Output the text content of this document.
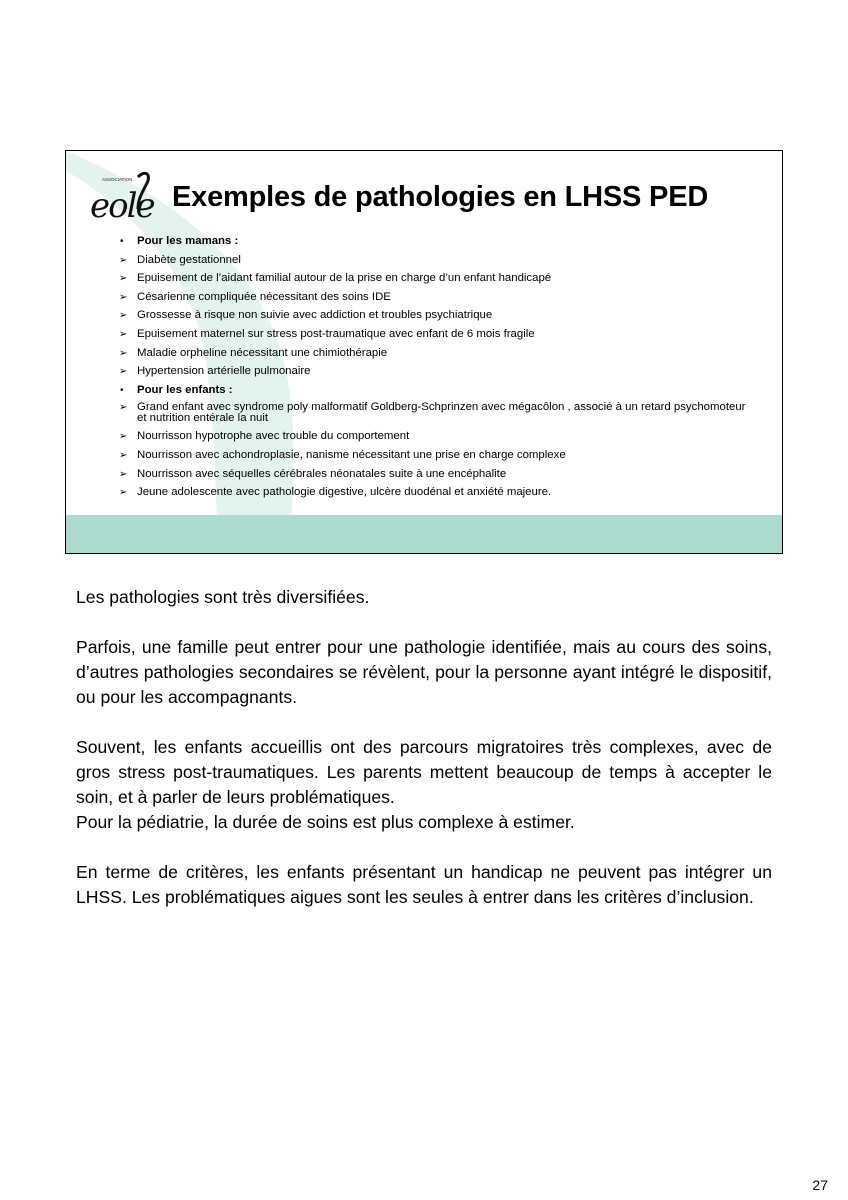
ASSOCIATION
eole Exemples de pathologies en LHSS PED
• Pour les mamans :
➢ Diabète gestationnel
➢ Epuisement de l’aidant familial autour de la prise en charge d’un enfant handicapé
➢ Césarienne compliquée nécessitant des soins IDE
➢ Grossesse à risque non suivie avec addiction et troubles psychiatrique
➢ Epuisement maternel sur stress post-traumatique avec enfant de 6 mois fragile
➢ Maladie orpheline nécessitant une chimiothérapie
➢ Hypertension artérielle pulmonaire
• Pour les enfants :
➢ Grand enfant avec syndrome poly malformatif Goldberg-Schprinzen avec mégacôlon , associé à un retard psychomoteur et nutrition entérale la nuit
➢ Nourrisson hypotrophe avec trouble du comportement
➢ Nourrisson avec achondroplasie, nanisme nécessitant une prise en charge complexe
➢ Nourrisson avec séquelles cérébrales néonatales suite à une encéphalite
➢ Jeune adolescente avec pathologie digestive, ulcère duodénal et anxiété majeure.

Les pathologies sont très diversifiées.

Parfois, une famille peut entrer pour une pathologie identifiée, mais au cours des soins, d’autres pathologies secondaires se révèlent, pour la personne ayant intégré le dispositif, ou pour les accompagnants.

Souvent, les enfants accueillis ont des parcours migratoires très complexes, avec de gros stress post-traumatiques. Les parents mettent beaucoup de temps à accepter le soin, et à parler de leurs problématiques.

Pour la pédiatrie, la durée de soins est plus complexe à estimer.

En terme de critères, les enfants présentant un handicap ne peuvent pas intégrer un LHSS. Les problématiques aigues sont les seules à entrer dans les critères d’inclusion.

27
